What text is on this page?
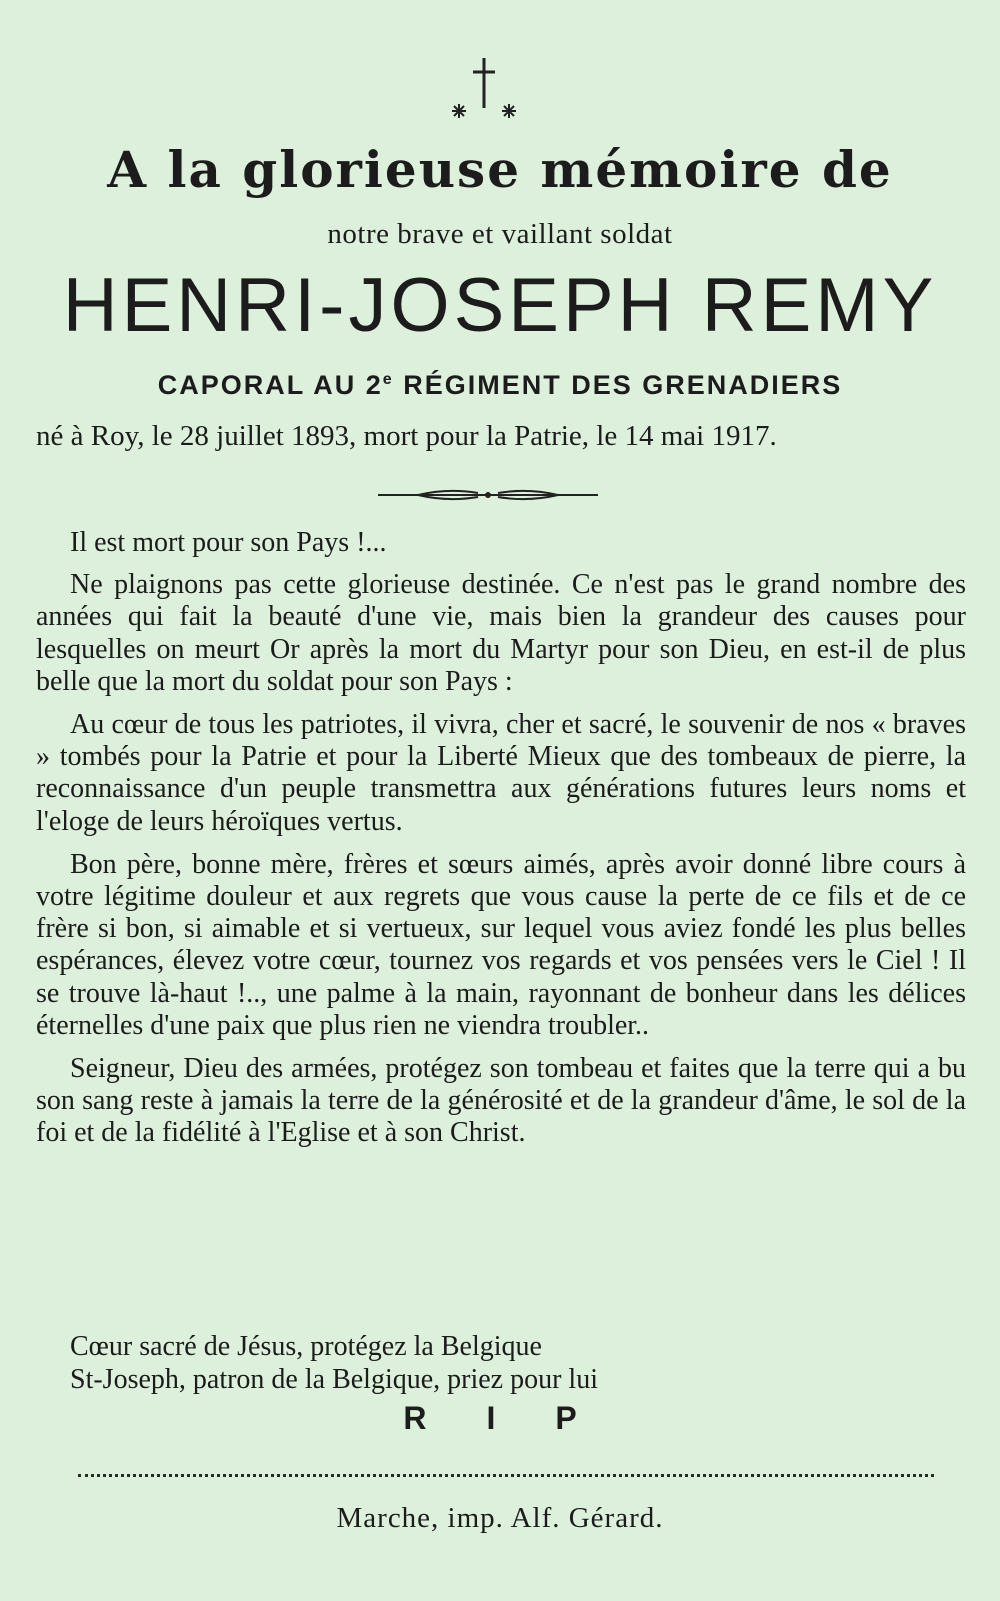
A la glorieuse mémoire de
notre brave et vaillant soldat
HENRI-JOSEPH REMY
CAPORAL AU 2e RÉGIMENT DES GRENADIERS
né à Roy, le 28 juillet 1893, mort pour la Patrie, le 14 mai 1917.

Il est mort pour son Pays !...

Ne plaignons pas cette glorieuse destinée. Ce n'est pas le grand nombre des années qui fait la beauté d'une vie, mais bien la grandeur des causes pour lesquelles on meurt Or après la mort du Martyr pour son Dieu, en est-il de plus belle que la mort du soldat pour son Pays :

Au cœur de tous les patriotes, il vivra, cher et sacré, le souvenir de nos « braves » tombés pour la Patrie et pour la Liberté Mieux que des tombeaux de pierre, la reconnaissance d'un peuple transmettra aux générations futures leurs noms et l'eloge de leurs héroïques vertus.

Bon père, bonne mère, frères et sœurs aimés, après avoir donné libre cours à votre légitime douleur et aux regrets que vous cause la perte de ce fils et de ce frère si bon, si aimable et si vertueux, sur lequel vous aviez fondé les plus belles espérances, élevez votre cœur, tournez vos regards et vos pensées vers le Ciel ! Il se trouve là-haut !.., une palme à la main, rayonnant de bonheur dans les délices éternelles d'une paix que plus rien ne viendra troubler..

Seigneur, Dieu des armées, protégez son tombeau et faites que la terre qui a bu son sang reste à jamais la terre de la générosité et de la grandeur d'âme, le sol de la foi et de la fidélité à l'Eglise et à son Christ.

Cœur sacré de Jésus, protégez la Belgique
St-Joseph, patron de la Belgique, priez pour lui
RIP
Marche, imp. Alf. Gérard.
